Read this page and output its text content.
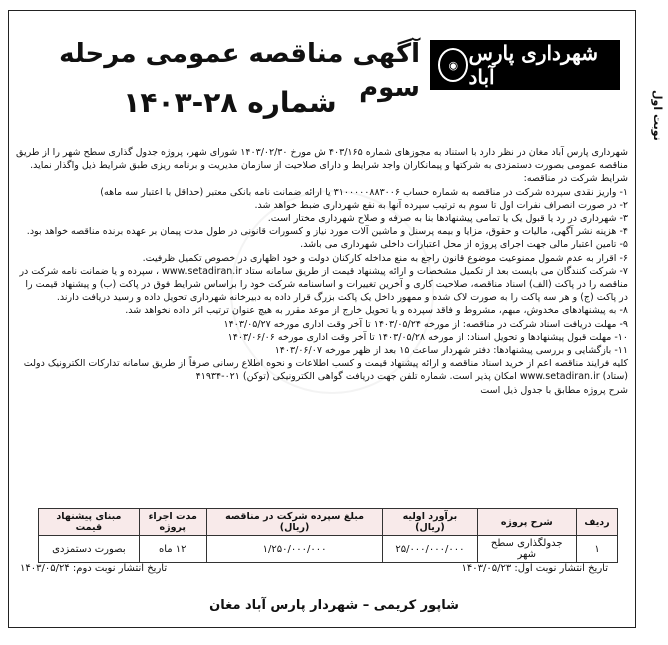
نوبت اول
◉ شهرداری پارس آباد
آگهی مناقصه عمومی مرحله سوم
شماره ۲۸-۱۴۰۳

شهرداری پارس آباد مغان در نظر دارد با استناد به مجوزهای شماره ۴۰۳/۱۶۵ ش مورخ ۱۴۰۳/۰۲/۳۰ شورای شهر، پروژه جدول گذاری سطح شهر را از طریق مناقصه عمومی بصورت دستمزدی به شرکتها و پیمانکاران واجد شرایط و دارای صلاحیت از سازمان مدیریت و برنامه ریزی طبق شرایط ذیل واگذار نماید.

شرایط شرکت در مناقصه:

۱- واریز نقدی سپرده شرکت در مناقصه به شماره حساب ۳۱۰۰۰۰۰۸۸۳۰۰۶ یا ارائه ضمانت نامه بانکی معتبر (حداقل با اعتبار سه ماهه)

۲- در صورت انصراف نفرات اول تا سوم به ترتیب سپرده آنها به نفع شهرداری ضبط خواهد شد.

۳- شهرداری در رد یا قبول یک یا تمامی پیشنهادها بنا به صرفه و صلاح شهرداری مختار است.

۴- هزینه نشر آگهی، مالیات و حقوق، مزایا و بیمه پرسنل و ماشین آلات مورد نیاز و کسورات قانونی در طول مدت پیمان بر عهده برنده مناقصه خواهد بود.

۵- تامین اعتبار مالی جهت اجرای پروژه از محل اعتبارات داخلی شهرداری می باشد.

۶- اقرار به عدم شمول ممنوعیت موضوع قانون راجع به منع مداخله کارکنان دولت و خود اظهاری در خصوص تکمیل ظرفیت.

۷- شرکت کنندگان می بایست بعد از تکمیل مشخصات و ارائه پیشنهاد قیمت از طریق سامانه ستاد www.setadiran.ir ، سپرده و یا ضمانت نامه شرکت در مناقصه را در پاکت (الف) اسناد مناقصه، صلاحیت کاری و آخرین تغییرات و اساسنامه شرکت خود را براساس شرایط فوق در پاکت (ب) و پیشنهاد قیمت را در پاکت (ج) و هر سه پاکت را به صورت لاک شده و ممهور داخل یک پاکت بزرگ قرار داده به دبیرخانه شهرداری تحویل داده و رسید دریافت دارند.

۸- به پیشنهادهای مخدوش، مبهم، مشروط و فاقد سپرده و یا تحویل خارج از موعد مقرر به هیچ عنوان ترتیب اثر داده نخواهد شد.

۹- مهلت دریافت اسناد شرکت در مناقصه: از مورخه ۱۴۰۳/۰۵/۲۴ تا آخر وقت اداری مورخه ۱۴۰۳/۰۵/۲۷

۱۰- مهلت قبول پیشنهادها و تحویل اسناد: از مورخه ۱۴۰۳/۰۵/۲۸ تا آخر وقت اداری مورخه ۱۴۰۳/۰۶/۰۶

۱۱- بازگشایی و بررسی پیشنهادها: دفتر شهردار ساعت ۱۵ بعد از ظهر مورخه ۱۴۰۳/۰۶/۰۷

کلیه فرایند مناقصه اعم از خرید اسناد مناقصه و ارائه پیشنهاد قیمت و کسب اطلاعات و نحوه اطلاع رسانی صرفاً از طریق سامانه تدارکات الکترونیک دولت (ستاد) www.setadiran.ir امکان پذیر است. شماره تلفن جهت دریافت گواهی الکترونیکی (توکن) ۰۲۱-۴۱۹۳۴

شرح پروژه مطابق با جدول ذیل است

ردیف	شرح پروژه	برآورد اولیه (ریال)	مبلغ سپرده شرکت در مناقصه (ریال)	مدت اجراء پروژه	مبنای پیشنهاد قیمت
۱	جدولگذاری سطح شهر	۲۵/۰۰۰/۰۰۰/۰۰۰	۱/۲۵۰/۰۰۰/۰۰۰	۱۲ ماه	بصورت دستمزدی
تاریخ انتشار نوبت اول: ۱۴۰۳/۰۵/۲۳
تاریخ انتشار نوبت دوم: ۱۴۰۳/۰۵/۲۴
شاپور کریمی – شهردار پارس آباد مغان
